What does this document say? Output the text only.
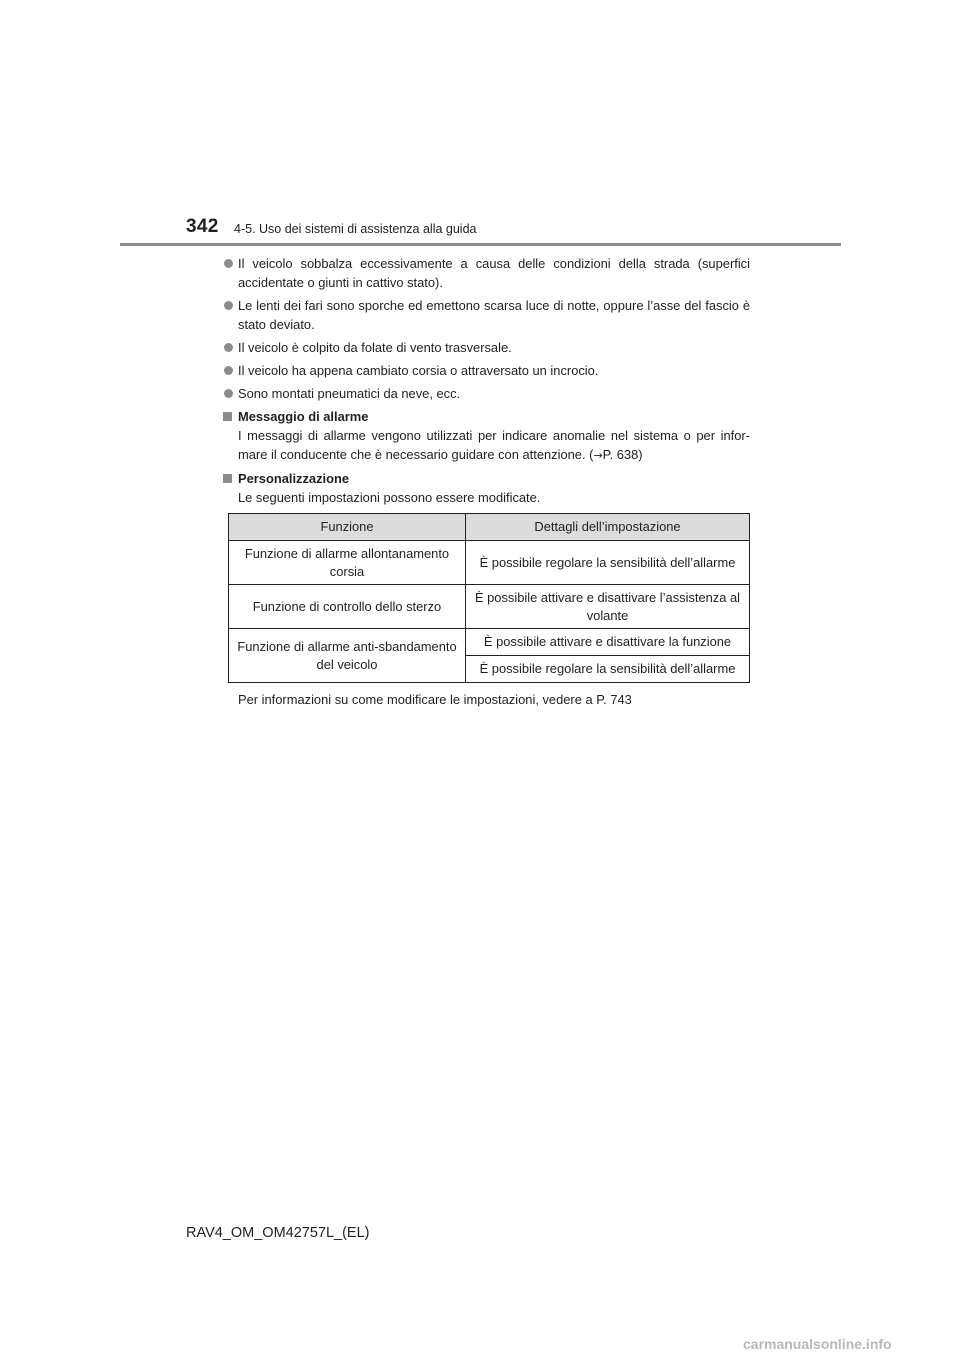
342 4-5. Uso dei sistemi di assistenza alla guida
Il veicolo sobbalza eccessivamente a causa delle condizioni della strada (superfici accidentate o giunti in cattivo stato).
Le lenti dei fari sono sporche ed emettono scarsa luce di notte, oppure l’asse del fascio è stato deviato.
Il veicolo è colpito da folate di vento trasversale.
Il veicolo ha appena cambiato corsia o attraversato un incrocio.
Sono montati pneumatici da neve, ecc.
Messaggio di allarme
I messaggi di allarme vengono utilizzati per indicare anomalie nel sistema o per infor-mare il conducente che è necessario guidare con attenzione. (→P. 638)
Personalizzazione
Le seguenti impostazioni possono essere modificate.
Funzione	Dettagli dell’impostazione
Funzione di allarme allontanamento corsia	È possibile regolare la sensibilità dell’allarme
Funzione di controllo dello sterzo	È possibile attivare e disattivare l’assistenza al volante
Funzione di allarme anti-sbandamento del veicolo	È possibile attivare e disattivare la funzione
	È possibile regolare la sensibilità dell’allarme
Per informazioni su come modificare le impostazioni, vedere a P. 743
RAV4_OM_OM42757L_(EL)
carmanualsonline.info
